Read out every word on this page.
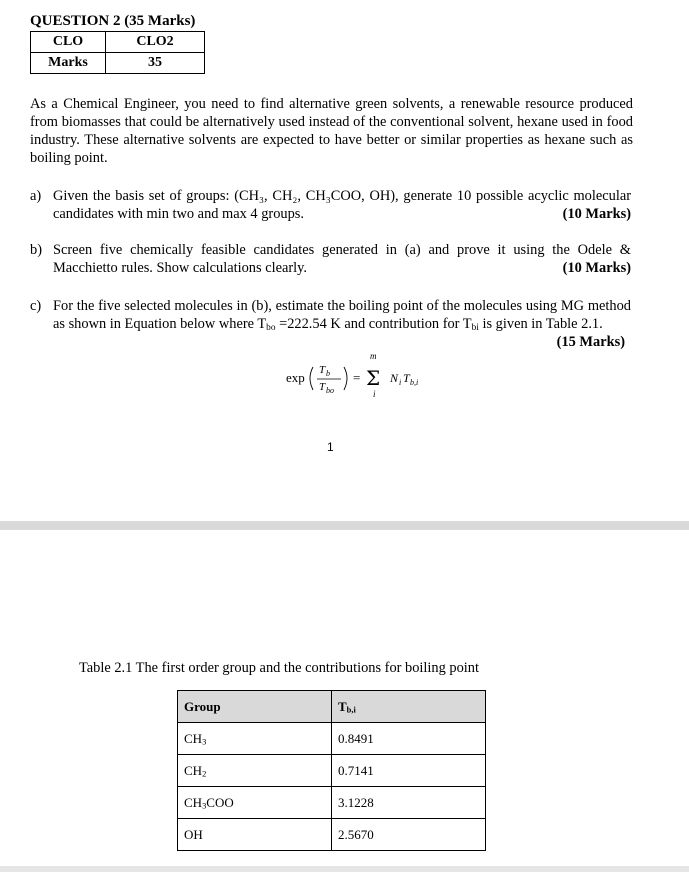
QUESTION 2 (35 Marks)
CLO	CLO2
Marks	35
As a Chemical Engineer, you need to find alternative green solvents, a renewable resource produced from biomasses that could be alternatively used instead of the conventional solvent, hexane used in food industry. These alternative solvents are expected to have better or similar properties as hexane such as boiling point.
a) Given the basis set of groups: (CH₃, CH₂, CH₃COO, OH), generate 10 possible acyclic molecular candidates with min two and max 4 groups.	(10 Marks)
b) Screen five chemically feasible candidates generated in (a) and prove it using the Odele & Macchietto rules. Show calculations clearly.	(10 Marks)
c) For the five selected molecules in (b), estimate the boiling point of the molecules using MG method as shown in Equation below where $T_{bo} =222.54$ K and contribution for $T_{bi}$ is given in Table 2.1.
(15 Marks)
exp T b
T bo
=
m
Σ
i
N i T b,i
1
Table 2.1 The first order group and the contributions for boiling point
Group	$T_{b,i}$
$CH_3$	0.8491
$CH_2$	0.7141
$CH_3COO$	3.1228
OH	2.5670
